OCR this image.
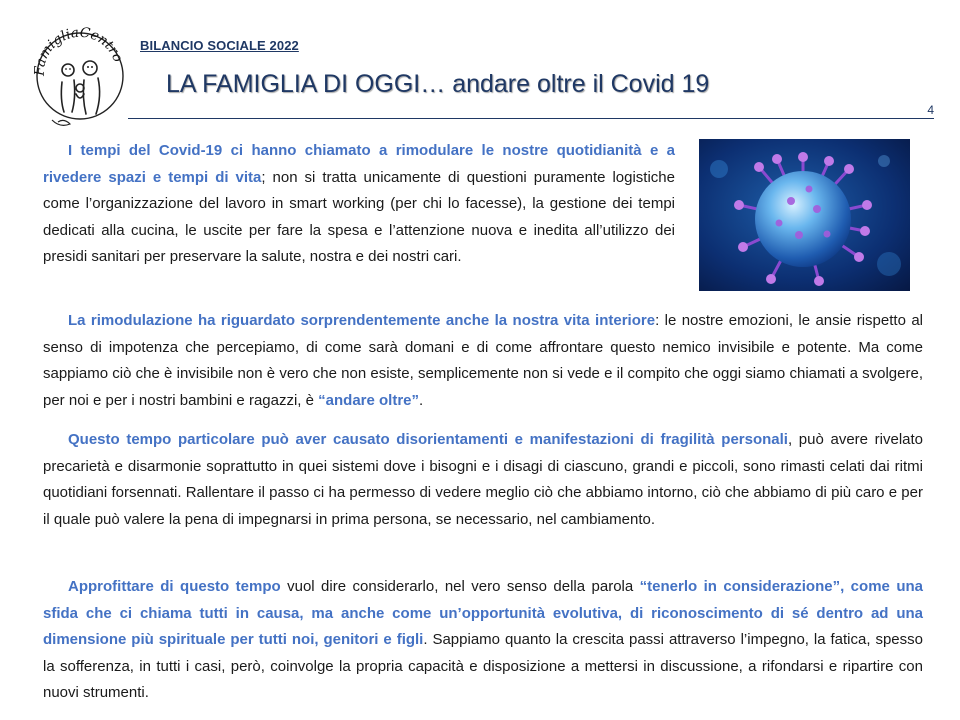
FamigliaCentro
BILANCIO SOCIALE 2022
LA FAMIGLIA DI OGGI… andare oltre il Covid 19
4

I tempi del Covid-19 ci hanno chiamato a rimodulare le nostre quotidianità e a rivedere spazi e tempi di vita; non si tratta unicamente di questioni puramente logistiche come l’organizzazione del lavoro in smart working (per chi lo facesse), la gestione dei tempi dedicati alla cucina, le uscite per fare la spesa e l’attenzione nuova e inedita all’utilizzo dei presidi sanitari per preservare la salute, nostra e dei nostri cari.

La rimodulazione ha riguardato sorprendentemente anche la nostra vita interiore: le nostre emozioni, le ansie rispetto al senso di impotenza che percepiamo, di come sarà domani e di come affrontare questo nemico invisibile e potente. Ma come sappiamo ciò che è invisibile non è vero che non esiste, semplicemente non si vede e il compito che oggi siamo chiamati a svolgere, per noi e per i nostri bambini e ragazzi, è “andare oltre”.

Questo tempo particolare può aver causato disorientamenti e manifestazioni di fragilità personali, può avere rivelato precarietà e disarmonie soprattutto in quei sistemi dove i bisogni e i disagi di ciascuno, grandi e piccoli, sono rimasti celati dai ritmi quotidiani forsennati. Rallentare il passo ci ha permesso di vedere meglio ciò che abbiamo intorno, ciò che abbiamo di più caro e per il quale può valere la pena di impegnarsi in prima persona, se necessario, nel cambiamento.

Approfittare di questo tempo vuol dire considerarlo, nel vero senso della parola “tenerlo in considerazione”, come una sfida che ci chiama tutti in causa, ma anche come un’opportunità evolutiva, di riconoscimento di sé dentro ad una dimensione più spirituale per tutti noi, genitori e figli. Sappiamo quanto la crescita passi attraverso l’impegno, la fatica, spesso la sofferenza, in tutti i casi, però, coinvolge la propria capacità e disposizione a mettersi in discussione, a rifondarsi e ripartire con nuovi strumenti.
